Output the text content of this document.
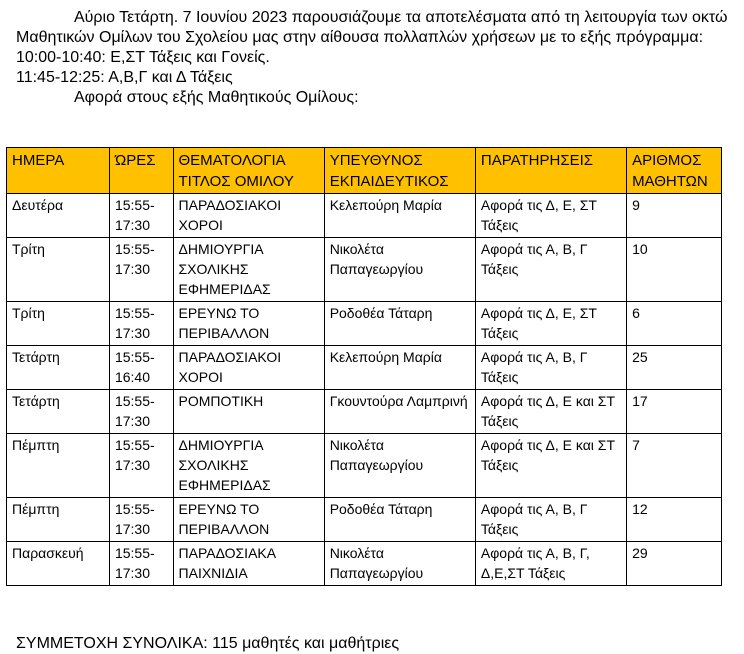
Αύριο Τετάρτη. 7 Ιουνίου 2023 παρουσιάζουμε τα αποτελέσματα από τη λειτουργία των οκτώ Μαθητικών Ομίλων του Σχολείου μας στην αίθουσα πολλαπλών χρήσεων με το εξής πρόγραμμα:

10:00-10:40: Ε,ΣΤ Τάξεις και Γονείς.

11:45-12:25: Α,Β,Γ και Δ Τάξεις

Αφορά στους εξής Μαθητικούς Ομίλους:

ΗΜΕΡΑ	ΏΡΕΣ	ΘΕΜΑΤΟΛΟΓΙΑ ΤΙΤΛΟΣ ΟΜΙΛΟΥ	ΥΠΕΥΘΥΝΟΣ ΕΚΠΑΙΔΕΥΤΙΚΟΣ	ΠΑΡΑΤΗΡΗΣΕΙΣ	ΑΡΙΘΜΟΣ ΜΑΘΗΤΩΝ
Δευτέρα	15:55-17:30	ΠΑΡΑΔΟΣΙΑΚΟΙ ΧΟΡΟΙ	Κελεπούρη Μαρία	Αφορά τις Δ, Ε, ΣΤ Τάξεις	9
Τρίτη	15:55-17:30	ΔΗΜΙΟΥΡΓΙΑ ΣΧΟΛΙΚΗΣ ΕΦΗΜΕΡΙΔΑΣ	Νικολέτα Παπαγεωργίου	Αφορά τις Α, Β, Γ Τάξεις	10
Τρίτη	15:55-17:30	ΕΡΕΥΝΩ ΤΟ ΠΕΡΙΒΑΛΛΟΝ	Ροδοθέα Τάταρη	Αφορά τις Δ, Ε, ΣΤ Τάξεις	6
Τετάρτη	15:55-16:40	ΠΑΡΑΔΟΣΙΑΚΟΙ ΧΟΡΟΙ	Κελεπούρη Μαρία	Αφορά τις Α, Β, Γ Τάξεις	25
Τετάρτη	15:55-17:30	ΡΟΜΠΟΤΙΚΗ	Γκουντούρα Λαμπρινή	Αφορά τις Δ, Ε και ΣΤ Τάξεις	17
Πέμπτη	15:55-17:30	ΔΗΜΙΟΥΡΓΙΑ ΣΧΟΛΙΚΗΣ ΕΦΗΜΕΡΙΔΑΣ	Νικολέτα Παπαγεωργίου	Αφορά τις Δ, Ε και ΣΤ Τάξεις	7
Πέμπτη	15:55-17:30	ΕΡΕΥΝΩ ΤΟ ΠΕΡΙΒΑΛΛΟΝ	Ροδοθέα Τάταρη	Αφορά τις Α, Β, Γ Τάξεις	12
Παρασκευή	15:55-17:30	ΠΑΡΑΔΟΣΙΑΚΑ ΠΑΙΧΝΙΔΙΑ	Νικολέτα Παπαγεωργίου	Αφορά τις Α, Β, Γ, Δ,Ε,ΣΤ Τάξεις	29

ΣΥΜΜΕΤΟΧΗ ΣΥΝΟΛΙΚΑ: 115 μαθητές και μαθήτριες
